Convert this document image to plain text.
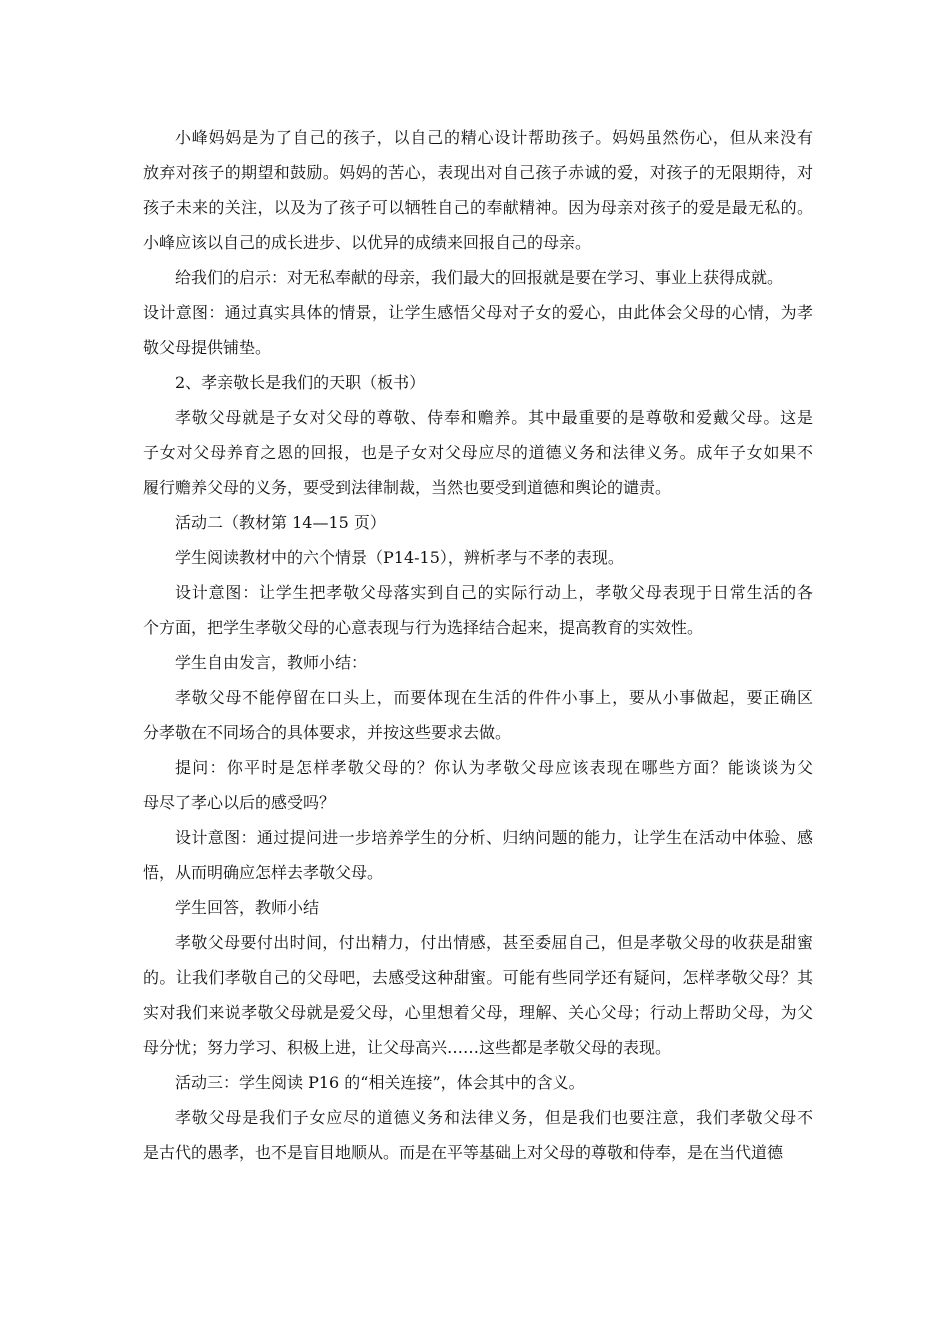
小峰妈妈是为了自己的孩子，以自己的精心设计帮助孩子。妈妈虽然伤心，但从来没有
放弃对孩子的期望和鼓励。妈妈的苦心，表现出对自己孩子赤诚的爱，对孩子的无限期待，对
孩子未来的关注，以及为了孩子可以牺牲自己的奉献精神。因为母亲对孩子的爱是最无私的。
小峰应该以自己的成长进步、以优异的成绩来回报自己的母亲。
给我们的启示：对无私奉献的母亲，我们最大的回报就是要在学习、事业上获得成就。
设计意图：通过真实具体的情景，让学生感悟父母对子女的爱心，由此体会父母的心情，为孝
敬父母提供铺垫。
2、孝亲敬长是我们的天职（板书）
孝敬父母就是子女对父母的尊敬、侍奉和赡养。其中最重要的是尊敬和爱戴父母。这是
子女对父母养育之恩的回报，也是子女对父母应尽的道德义务和法律义务。成年子女如果不
履行赡养父母的义务，要受到法律制裁，当然也要受到道德和舆论的谴责。
活动二（教材第 14—15 页）
学生阅读教材中的六个情景（P14-15），辨析孝与不孝的表现。
设计意图：让学生把孝敬父母落实到自己的实际行动上，孝敬父母表现于日常生活的各
个方面，把学生孝敬父母的心意表现与行为选择结合起来，提高教育的实效性。
学生自由发言，教师小结：
孝敬父母不能停留在口头上，而要体现在生活的件件小事上，要从小事做起，要正确区
分孝敬在不同场合的具体要求，并按这些要求去做。
提问：你平时是怎样孝敬父母的？你认为孝敬父母应该表现在哪些方面？能谈谈为父
母尽了孝心以后的感受吗？
设计意图：通过提问进一步培养学生的分析、归纳问题的能力，让学生在活动中体验、感
悟，从而明确应怎样去孝敬父母。
学生回答，教师小结
孝敬父母要付出时间，付出精力，付出情感，甚至委屈自己，但是孝敬父母的收获是甜蜜
的。让我们孝敬自己的父母吧，去感受这种甜蜜。可能有些同学还有疑问，怎样孝敬父母？其
实对我们来说孝敬父母就是爱父母，心里想着父母，理解、关心父母；行动上帮助父母，为父
母分忧；努力学习、积极上进，让父母高兴……这些都是孝敬父母的表现。
活动三：学生阅读 P16 的“相关连接”，体会其中的含义。
孝敬父母是我们子女应尽的道德义务和法律义务，但是我们也要注意，我们孝敬父母不
是古代的愚孝，也不是盲目地顺从。而是在平等基础上对父母的尊敬和侍奉，是在当代道德
